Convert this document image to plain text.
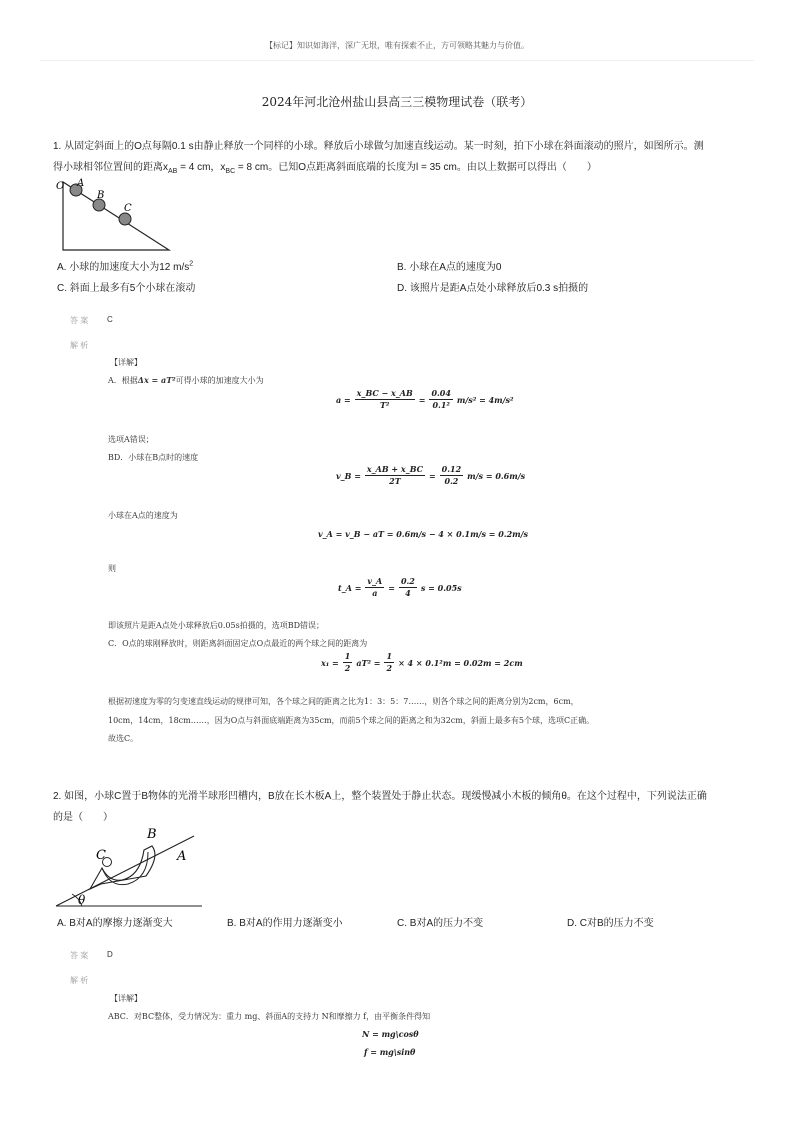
【标记】知识如海洋，深广无垠，唯有探索不止，方可领略其魅力与价值。
2024年河北沧州盐山县高三三模物理试卷（联考）
1. 从固定斜面上的O点每隔0.1 s由静止释放一个同样的小球。释放后小球做匀加速直线运动。某一时刻，拍下小球在斜面滚动的照片，如图所示。测
得小球相邻位置间的距离$x_{AB} = 4$ cm，$x_{BC} = 8$ cm。已知O点距离斜面底端的长度为l = 35 cm。由以上数据可以得出（　　）
O A
B
C
A. 小球的加速度大小为12 $m/s^2$	B. 小球在A点的速度为0
C. 斜面上最多有5个小球在滚动	D. 该照片是距A点处小球释放后0.3 s拍摄的
答 案 C
解 析
【详解】
A．根据Δx = aT²可得小球的加速度大小为
$a = \frac{x\_BC - x\_AB}{\text{T²}} = \frac{0.04}{\text{0.1²}} m/s^2 = 4m/s^2$
选项A错误；
BD．小球在B点时的速度
v_B = $\frac{x\_AB + x\_BC}{2T} = \frac{0.12}{0.2} m/s = 0.6m/s$
小球在A点的速度为
v_A = v_B − aT = 0.6m/s − 4 × 0.1m/s = 0.2m/s
则
t_A = $\frac{v\_A}{a} = \frac{0.2}{4}$ s = 0.05s
即该照片是距A点处小球释放后0.05s拍摄的，选项BD错误；
C．O点的球刚释放时，则距离斜面固定点O点最近的两个球之间的距离为
$x_1 = \frac{1}{2} aT^2 = \frac{1}{2} \times 4 \times 0.1^2m = 0.02m = 2cm$
根据初速度为零的匀变速直线运动的规律可知，各个球之间的距离之比为1：3：5：7……，则各个球之间的距离分别为2cm，6cm，
10cm，14cm，18cm……，因为O点与斜面底端距离为35cm，而前5个球之间的距离之和为32cm，斜面上最多有5个球，选项C正确。
故选C。
2. 如图，小球C置于B物体的光滑半球形凹槽内，B放在长木板A上，整个装置处于静止状态。现缓慢减小木板的倾角θ。在这个过程中，下列说法正确
的是（　　）
B
A
C
θ
A. B对A的摩擦力逐渐变大	B. B对A的作用力逐渐变小	C. B对A的压力不变	D. C对B的压力不变
答 案 D
解 析
【详解】
ABC．对BC整体，受力情况为：重力 mg、斜面A的支持力 N和摩擦力 f，由平衡条件得知
N = mg\cosθ
f = mg\sinθ
